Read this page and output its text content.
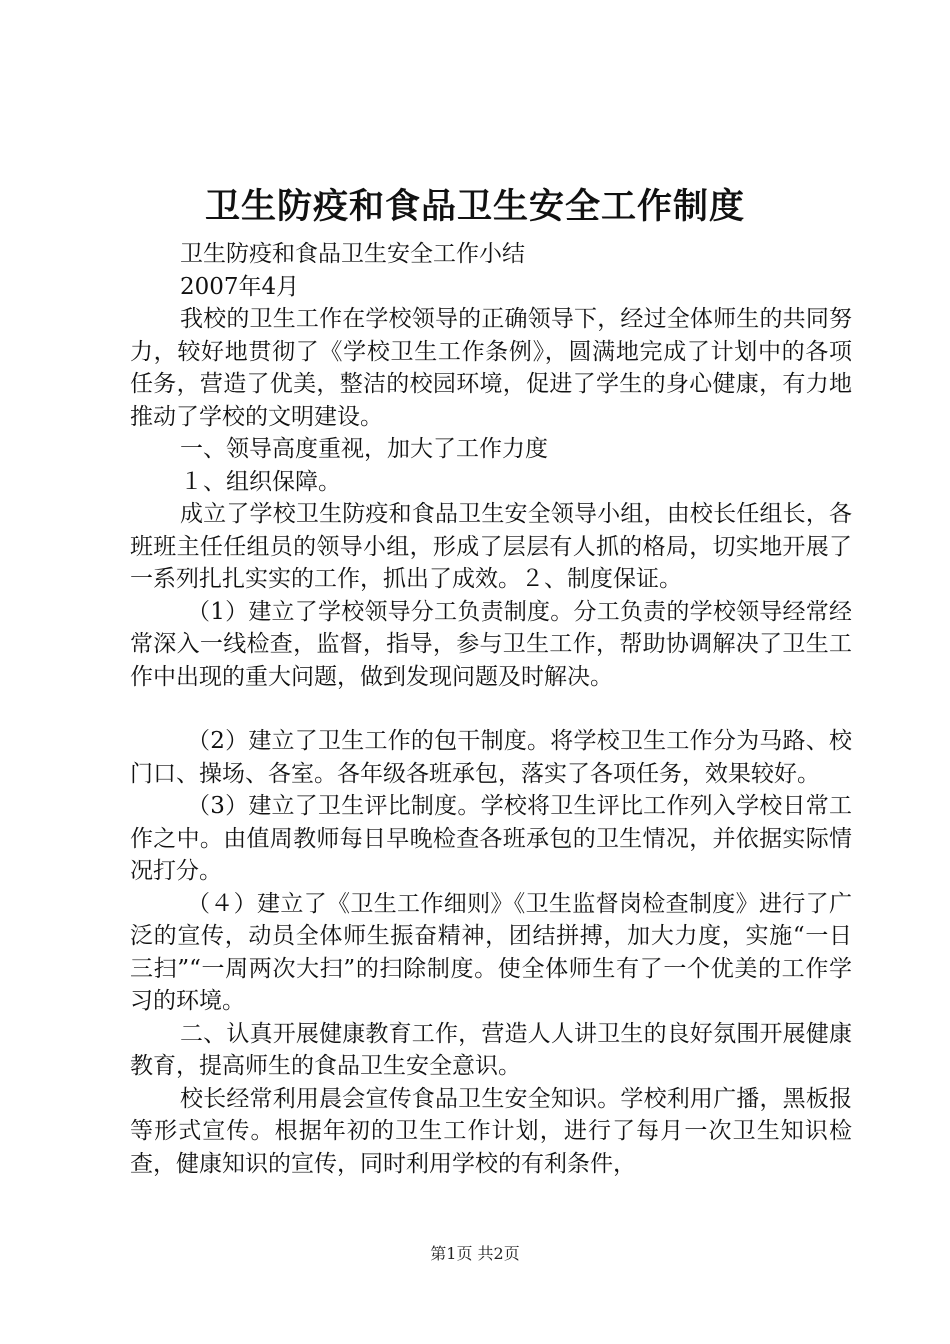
卫生防疫和食品卫生安全工作制度

卫生防疫和食品卫生安全工作小结

2007年4月

我校的卫生工作在学校领导的正确领导下，经过全体师生的共同努力，较好地贯彻了《学校卫生工作条例》，圆满地完成了计划中的各项任务，营造了优美，整洁的校园环境，促进了学生的身心健康，有力地推动了学校的文明建设。

一、领导高度重视，加大了工作力度

１、组织保障。

成立了学校卫生防疫和食品卫生安全领导小组，由校长任组长，各班班主任任组员的领导小组，形成了层层有人抓的格局，切实地开展了一系列扎扎实实的工作，抓出了成效。２、制度保证。

（1）建立了学校领导分工负责制度。分工负责的学校领导经常经常深入一线检查，监督，指导，参与卫生工作，帮助协调解决了卫生工作中出现的重大问题，做到发现问题及时解决。

（2）建立了卫生工作的包干制度。将学校卫生工作分为马路、校门口、操场、各室。各年级各班承包，落实了各项任务，效果较好。

（3）建立了卫生评比制度。学校将卫生评比工作列入学校日常工作之中。由值周教师每日早晚检查各班承包的卫生情况，并依据实际情况打分。

（４）建立了《卫生工作细则》《卫生监督岗检查制度》进行了广泛的宣传，动员全体师生振奋精神，团结拼搏，加大力度，实施“一日三扫”“一周两次大扫”的扫除制度。使全体师生有了一个优美的工作学习的环境。

二、认真开展健康教育工作，营造人人讲卫生的良好氛围开展健康教育，提高师生的食品卫生安全意识。

校长经常利用晨会宣传食品卫生安全知识。学校利用广播，黑板报等形式宣传。根据年初的卫生工作计划，进行了每月一次卫生知识检查，健康知识的宣传，同时利用学校的有利条件，

第1页 共2页
